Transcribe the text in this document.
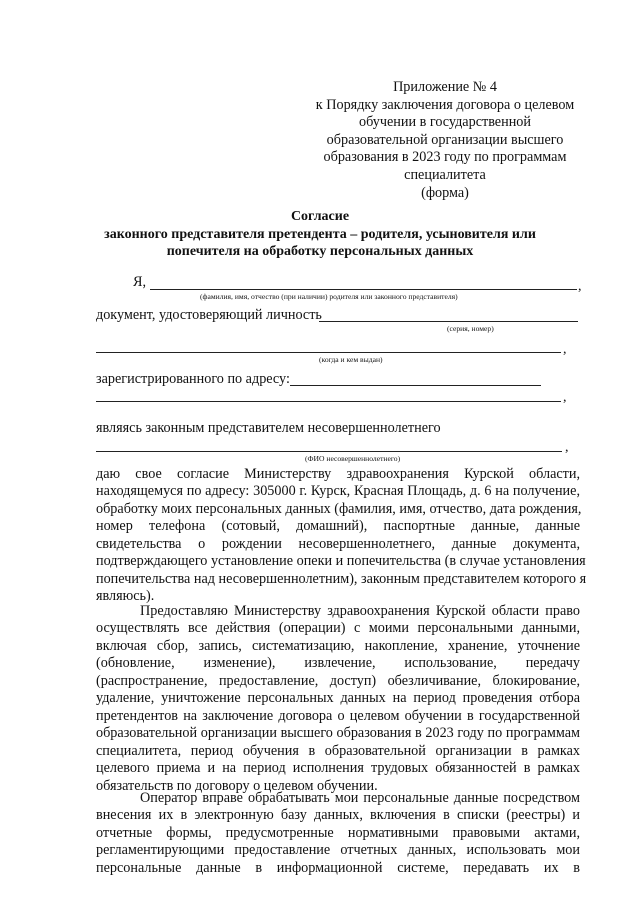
Приложение № 4
к Порядку заключения договора о целевом
обучении в государственной
образовательной организации высшего
образования в 2023 году по программам
специалитета
(форма)
Согласие
законного представителя претендента – родителя, усыновителя или
попечителя на обработку персональных данных
Я,	,
(фамилия, имя, отчество (при наличии) родителя или законного представителя)
документ, удостоверяющий личность
(серия, номер)
,
(когда и кем выдан)
зарегистрированного по адресу:
,
являясь законным представителем несовершеннолетнего
,
(ФИО несовершеннолетнего)
даю свое согласие Министерству здравоохранения Курской области,
находящемуся по адресу: 305000 г. Курск, Красная Площадь, д. 6 на получение,
обработку моих персональных данных (фамилия, имя, отчество, дата рождения,
номер телефона (сотовый, домашний), паспортные данные, данные
свидетельства о рождении несовершеннолетнего, данные документа,
подтверждающего установление опеки и попечительства (в случае установления
попечительства над несовершеннолетним), законным представителем которого я
являюсь).
Предоставляю Министерству здравоохранения Курской области право
осуществлять все действия (операции) с моими персональными данными,
включая сбор, запись, систематизацию, накопление, хранение, уточнение
(обновление, изменение), извлечение, использование, передачу
(распространение, предоставление, доступ) обезличивание, блокирование,
удаление, уничтожение персональных данных на период проведения отбора
претендентов на заключение договора о целевом обучении в государственной
образовательной организации высшего образования в 2023 году по программам
специалитета, период обучения в образовательной организации в рамках
целевого приема и на период исполнения трудовых обязанностей в рамках
обязательств по договору о целевом обучении.
Оператор вправе обрабатывать мои персональные данные посредством
внесения их в электронную базу данных, включения в списки (реестры) и
отчетные формы, предусмотренные нормативными правовыми актами,
регламентирующими предоставление отчетных данных, использовать мои
персональные данные в информационной системе, передавать их в
